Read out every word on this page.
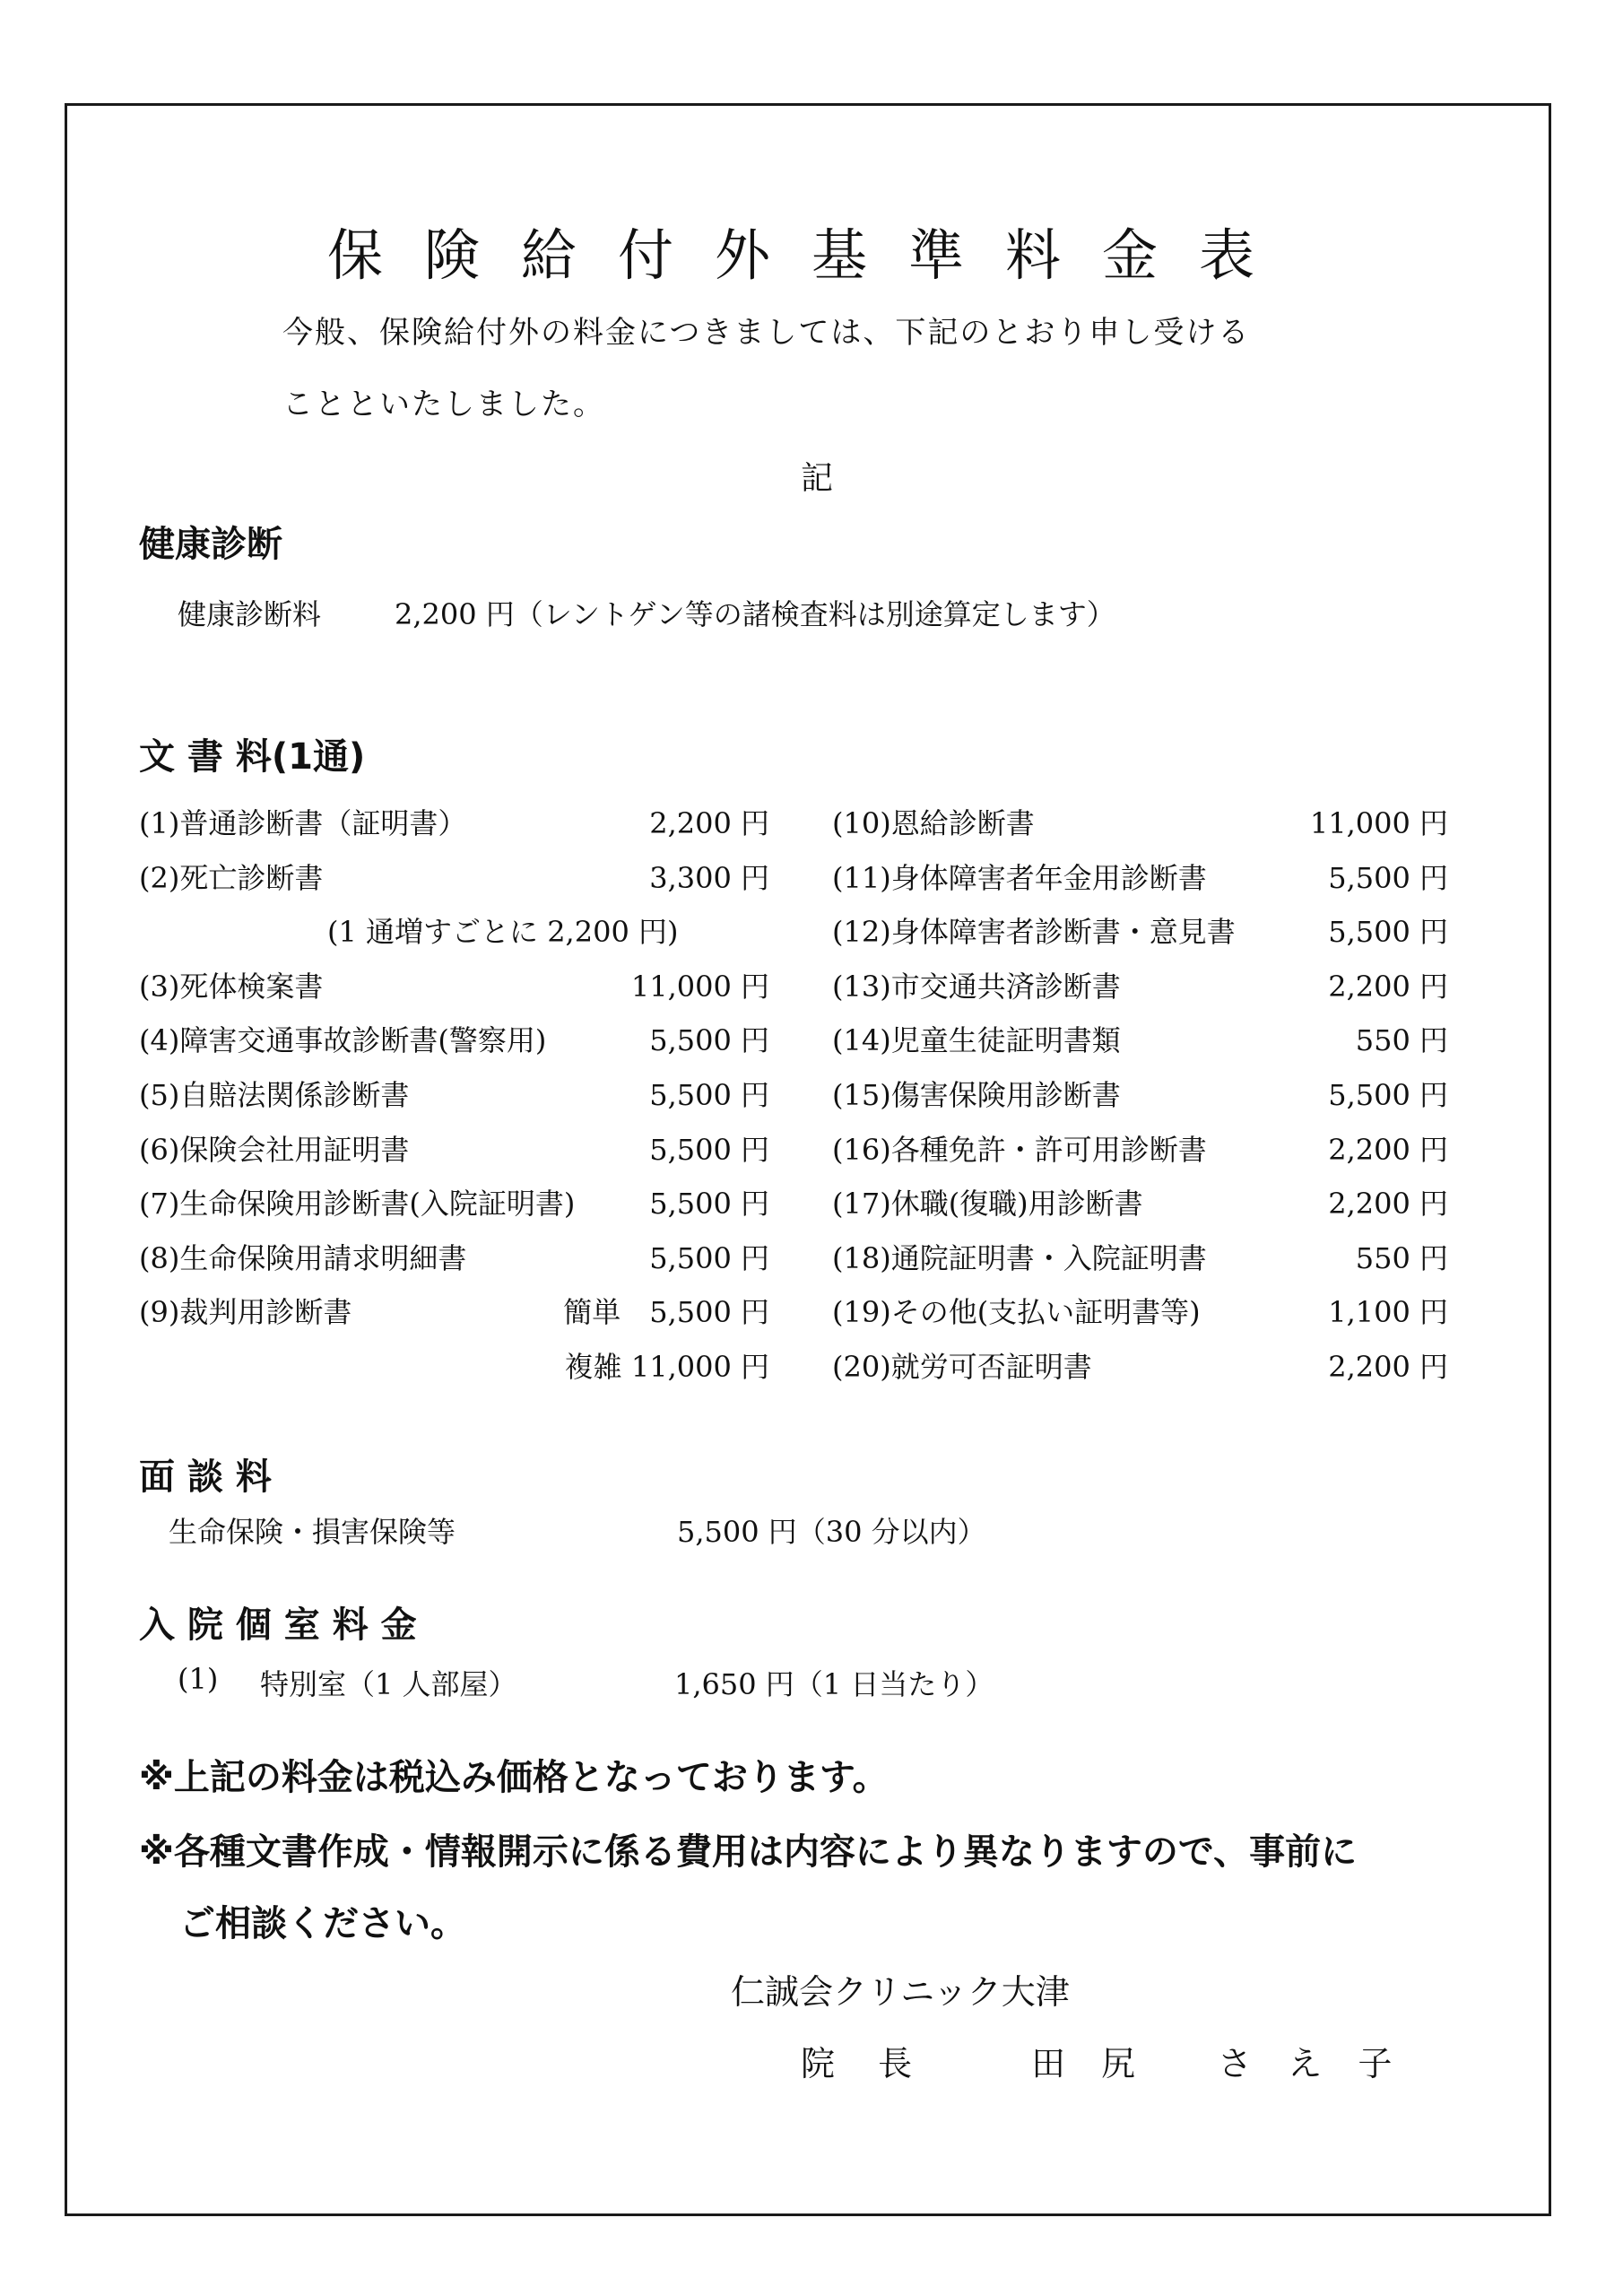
保険給付外基準料金表
今般、保険給付外の料金につきましては、下記のとおり申し受ける
ことといたしました。
記
健康診断
健康診断料	2,200 円（レントゲン等の諸検査料は別途算定します）
文 書 料(1通)
(1)普通診断書（証明書）	2,200 円
(2)死亡診断書	3,300 円
(1 通増すごとに 2,200 円)
(3)死体検案書	11,000 円
(4)障害交通事故診断書(警察用)	5,500 円
(5)自賠法関係診断書	5,500 円
(6)保険会社用証明書	5,500 円
(7)生命保険用診断書(入院証明書)	5,500 円
(8)生命保険用請求明細書	5,500 円
(9)裁判用診断書	簡単　5,500 円
複雑 11,000 円
(10)恩給診断書	11,000 円
(11)身体障害者年金用診断書	5,500 円
(12)身体障害者診断書・意見書	5,500 円
(13)市交通共済診断書	2,200 円
(14)児童生徒証明書類	550 円
(15)傷害保険用診断書	5,500 円
(16)各種免許・許可用診断書	2,200 円
(17)休職(復職)用診断書	2,200 円
(18)通院証明書・入院証明書	550 円
(19)その他(支払い証明書等)	1,100 円
(20)就労可否証明書	2,200 円
面 談 料
生命保険・損害保険等	5,500 円（30 分以内）
入 院 個 室 料 金
(1) 特別室（1 人部屋）	1,650 円（1 日当たり）
※上記の料金は税込み価格となっております。
※各種文書作成・情報開示に係る費用は内容により異なりますので、事前に
ご相談ください。
仁誠会クリニック大津
院 長	田 尻　 さ え 子
